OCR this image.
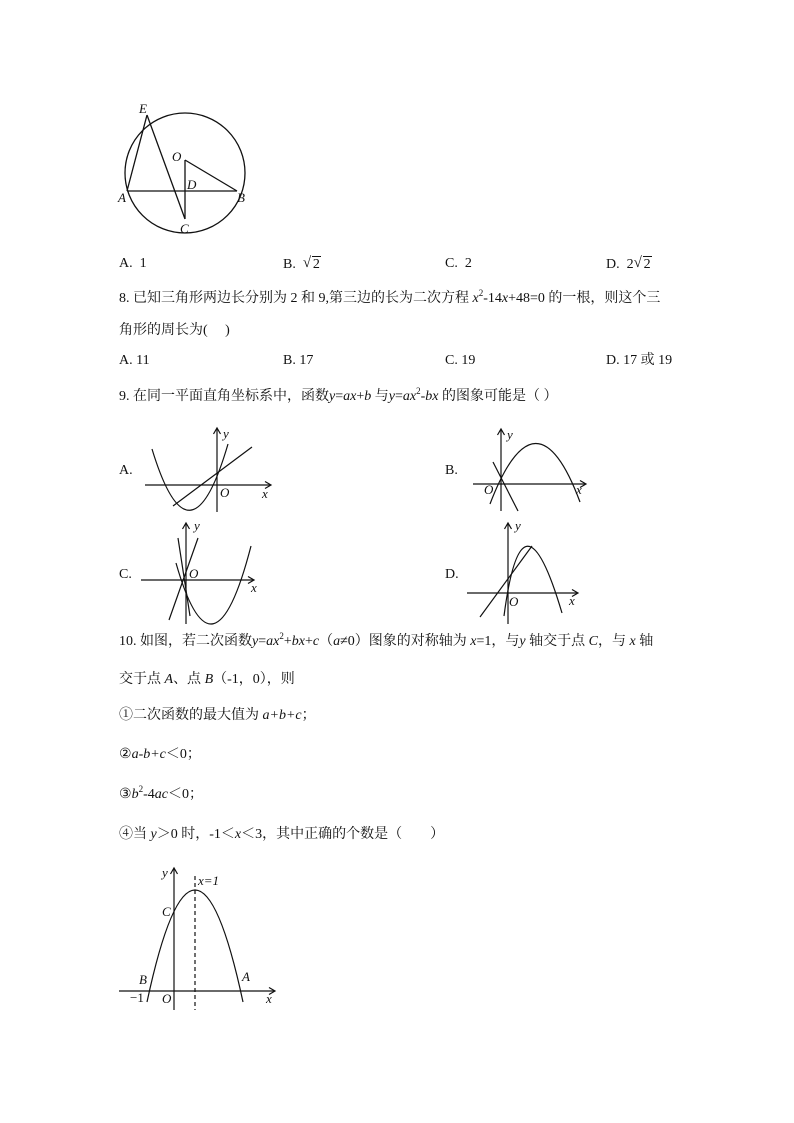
E
O
D
A	B
C
A. 1	B. √ 2	C. 2	D. 2 √ 2
8. 已知三角形两边长分别为 2 和 9,第三边的长为二次方程 $x^2-14x+48=0$ 的一根，则这个三
角形的周长为(　 )
A. 11	B. 17	C. 19	D. 17 或 19
9. 在同一平面直角坐标系中，函数y=ax+b 与$y=ax^2-bx$ 的图象可能是（ ）
A.	B.
C.	D.
y
x
O
y
x
O
y
x
O
y
x
O
10. 如图，若二次函数$y=ax^2+bx+c(a\ne 0)$图象的对称轴为 x=1，与y 轴交于点 C，与 x 轴
交于点 A、点 B（-1，0），则
①二次函数的最大值为 a+b+c；
②a-b+c＜0；
$③b^2-4ac<0$；
④当 y＞0 时，-1＜x＜3，其中正确的个数是（　　）
y
x=1
C
B	A
−1 O	x
